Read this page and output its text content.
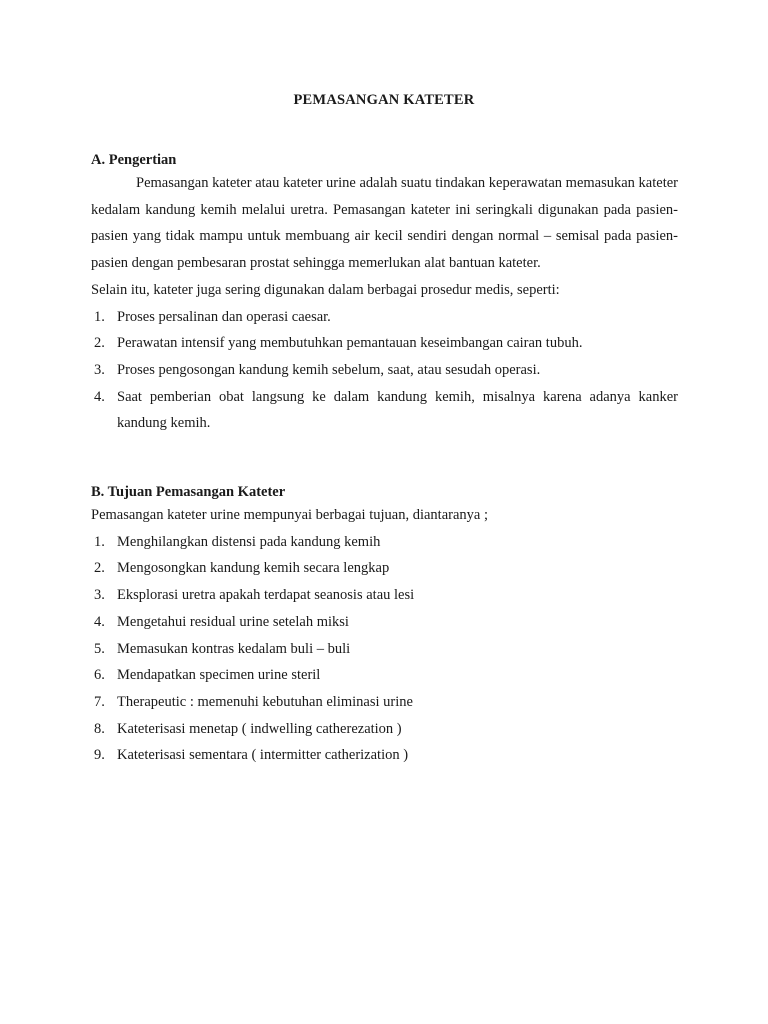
PEMASANGAN KATETER

A. Pengertian

Pemasangan kateter atau kateter urine adalah suatu tindakan keperawatan memasukan kateter kedalam kandung kemih melalui uretra. Pemasangan kateter ini seringkali digunakan pada pasien-pasien yang tidak mampu untuk membuang air kecil sendiri dengan normal – semisal pada pasien-pasien dengan pembesaran prostat sehingga memerlukan alat bantuan kateter.

Selain itu, kateter juga sering digunakan dalam berbagai prosedur medis, seperti:

1. Proses persalinan dan operasi caesar.
2. Perawatan intensif yang membutuhkan pemantauan keseimbangan cairan tubuh.
3. Proses pengosongan kandung kemih sebelum, saat, atau sesudah operasi.
4. Saat pemberian obat langsung ke dalam kandung kemih, misalnya karena adanya kanker kandung kemih.

B. Tujuan Pemasangan Kateter

Pemasangan kateter urine mempunyai berbagai tujuan, diantaranya ;

1. Menghilangkan distensi pada kandung kemih
2. Mengosongkan kandung kemih secara lengkap
3. Eksplorasi uretra apakah terdapat seanosis atau lesi
4. Mengetahui residual urine setelah miksi
5. Memasukan kontras kedalam buli – buli
6. Mendapatkan specimen urine steril
7. Therapeutic : memenuhi kebutuhan eliminasi urine
8. Kateterisasi menetap ( indwelling catherezation )
9. Kateterisasi sementara ( intermitter catherization )
